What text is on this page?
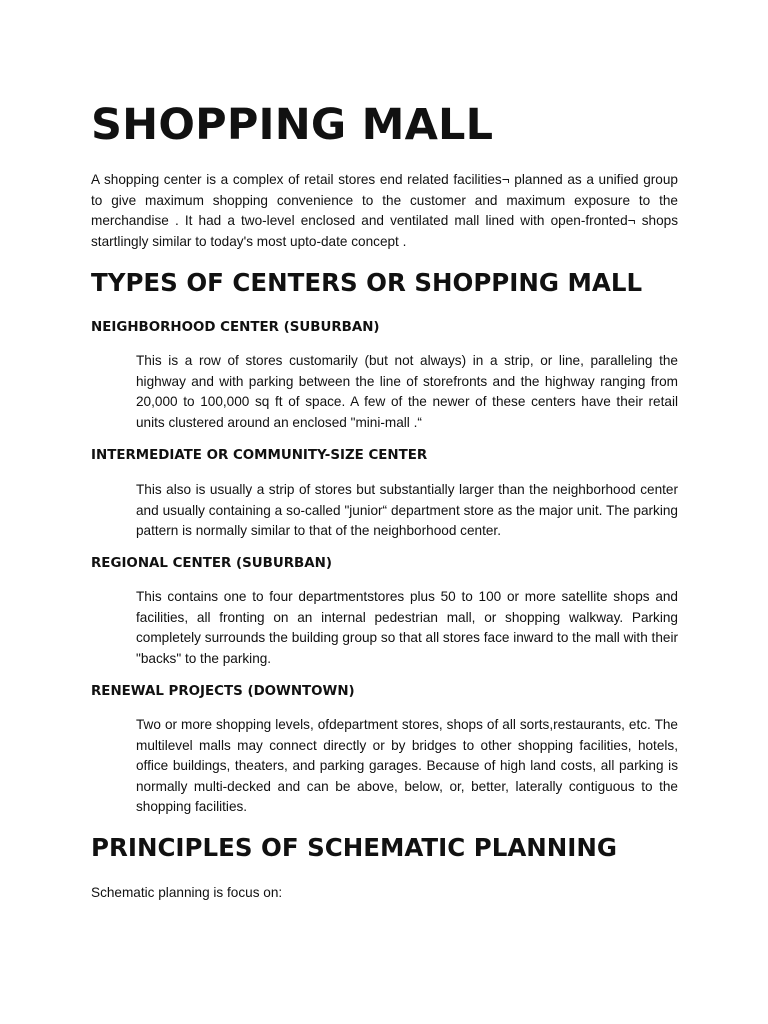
SHOPPING MALL

A shopping center is a complex of retail stores end related facilities¬ planned as a unified group to give maximum shopping convenience to the customer and maximum exposure to the merchandise . It had a two-level enclosed and ventilated mall lined with open-fronted¬ shops startlingly similar to today's most upto-date concept .

TYPES OF CENTERS OR SHOPPING MALL
NEIGHBORHOOD CENTER (SUBURBAN)

This is a row of stores customarily (but not always) in a strip, or line, paralleling the highway and with parking between the line of storefronts and the highway ranging from 20,000 to 100,000 sq ft of space. A few of the newer of these centers have their retail units clustered around an enclosed "mini-mall .“

INTERMEDIATE OR COMMUNITY-SIZE CENTER

This also is usually a strip of stores but substantially larger than the neighborhood center and usually containing a so-called "junior“ department store as the major unit. The parking pattern is normally similar to that of the neighborhood center.

REGIONAL CENTER (SUBURBAN)

This contains one to four departmentstores plus 50 to 100 or more satellite shops and facilities, all fronting on an internal pedestrian mall, or shopping walkway. Parking completely surrounds the building group so that all stores face inward to the mall with their "backs" to the parking.

RENEWAL PROJECTS (DOWNTOWN)

Two or more shopping levels, ofdepartment stores, shops of all sorts,restaurants, etc. The multilevel malls may connect directly or by bridges to other shopping facilities, hotels, office buildings, theaters, and parking garages. Because of high land costs, all parking is normally multi-decked and can be above, below, or, better, laterally contiguous to the shopping facilities.

PRINCIPLES OF SCHEMATIC PLANNING

Schematic planning is focus on:
